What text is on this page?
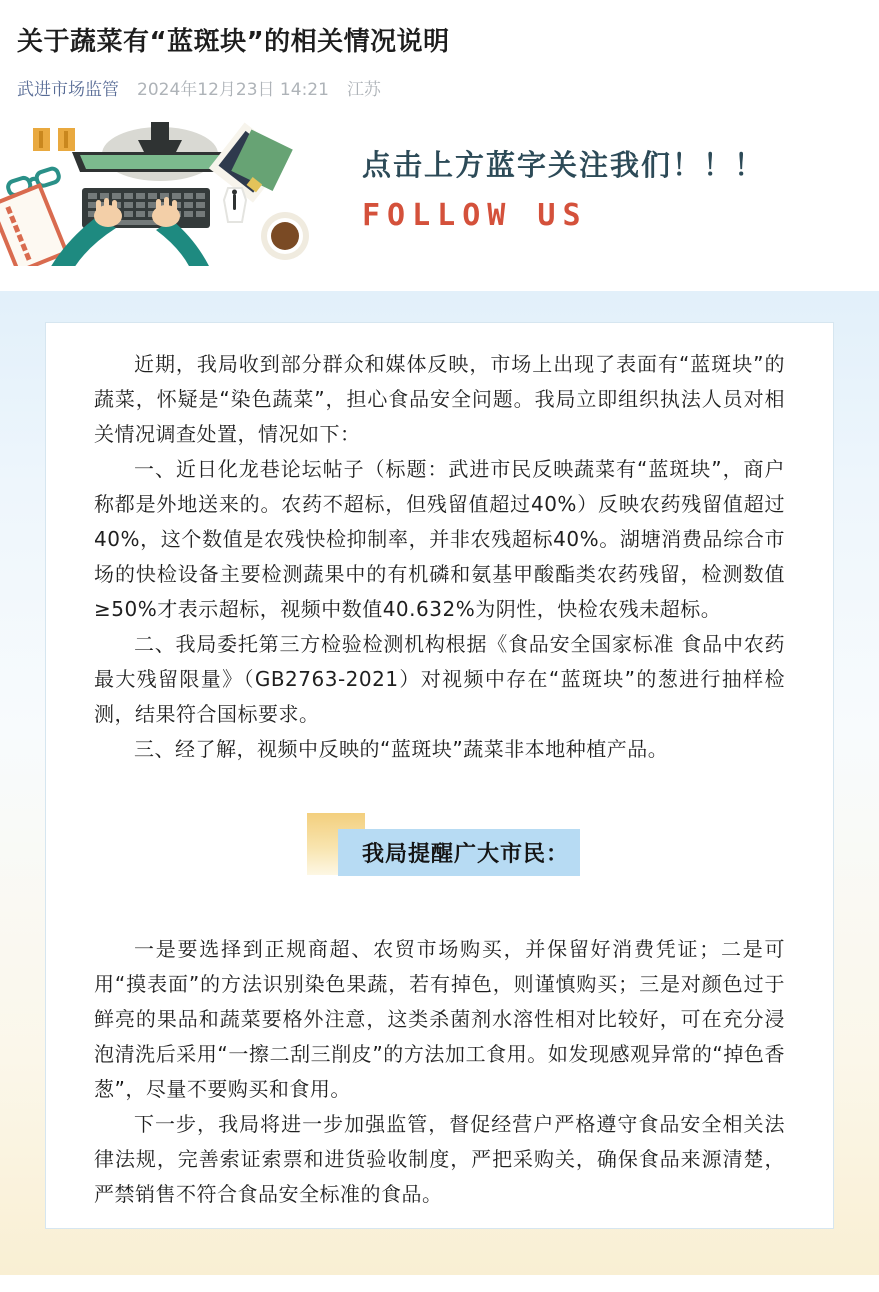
关于蔬菜有“蓝斑块”的相关情况说明
武进市场监管 2024年12月23日 14:21 江苏
点击上方蓝字关注我们！！！
FOLLOW US

近期，我局收到部分群众和媒体反映，市场上出现了表面有“蓝斑块”的蔬菜，怀疑是“染色蔬菜”，担心食品安全问题。我局立即组织执法人员对相关情况调查处置，情况如下：

一、近日化龙巷论坛帖子（标题：武进市民反映蔬菜有“蓝斑块”，商户称都是外地送来的。农药不超标，但残留值超过40%）反映农药残留值超过40%，这个数值是农残快检抑制率，并非农残超标40%。湖塘消费品综合市场的快检设备主要检测蔬果中的有机磷和氨基甲酸酯类农药残留，检测数值≥50%才表示超标，视频中数值40.632%为阴性，快检农残未超标。

二、我局委托第三方检验检测机构根据《食品安全国家标准 食品中农药最大残留限量》（GB2763-2021）对视频中存在“蓝斑块”的葱进行抽样检测，结果符合国标要求。

三、经了解，视频中反映的“蓝斑块”蔬菜非本地种植产品。

我局提醒广大市民：

一是要选择到正规商超、农贸市场购买，并保留好消费凭证；二是可用“摸表面”的方法识别染色果蔬，若有掉色，则谨慎购买；三是对颜色过于鲜亮的果品和蔬菜要格外注意，这类杀菌剂水溶性相对比较好，可在充分浸泡清洗后采用“一擦二刮三削皮”的方法加工食用。如发现感观异常的“掉色香葱”，尽量不要购买和食用。

下一步，我局将进一步加强监管，督促经营户严格遵守食品安全相关法律法规，完善索证索票和进货验收制度，严把采购关，确保食品来源清楚，严禁销售不符合食品安全标准的食品。
